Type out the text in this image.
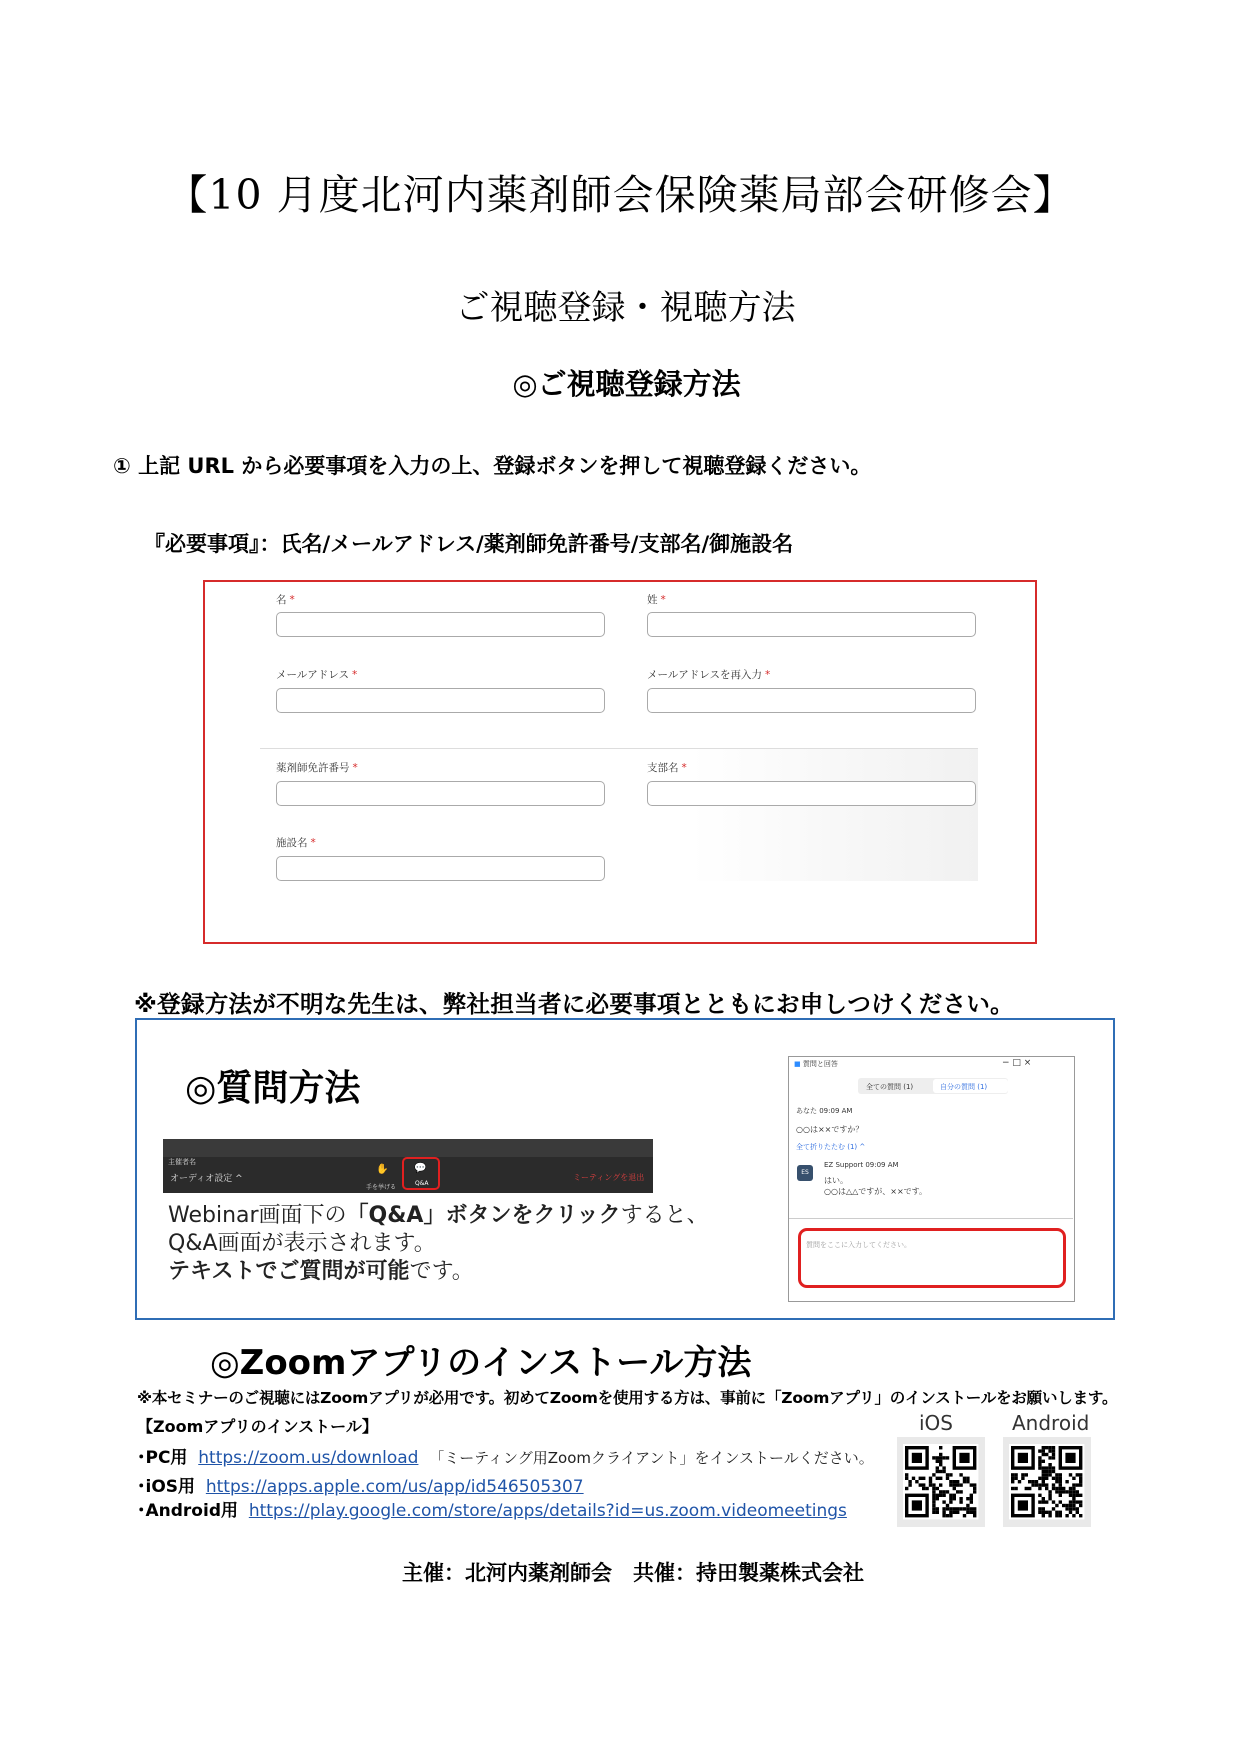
【10 月度北河内薬剤師会保険薬局部会研修会】
ご視聴登録・視聴方法
◎ご視聴登録方法
① 上記 URL から必要事項を入力の上、登録ボタンを押して視聴登録ください。
『必要事項』：氏名/メールアドレス/薬剤師免許番号/支部名/御施設名
名 *	姓 *
メールアドレス *	メールアドレスを再入力 *
薬剤師免許番号 *	支部名 *
施設名 *
※登録方法が不明な先生は、弊社担当者に必要事項とともにお申しつけください。
◎質問方法
主催者名
オーディオ設定 ^
✋
手を挙げる
💬
Q&A
ミーティングを退出
Webinar画面下の「Q&A」ボタンをクリックすると、
Q&A画面が表示されます。
テキストでご質問が可能です。
■ 質問と回答	− □ ×
全ての質問 (1)	自分の質問 (1)
あなた 09:09 AM
○○は××ですか？
全て折りたたむ (1) ^
ES
EZ Support 09:09 AM
はい。
○○は△△ですが、××です。
質問をここに入力してください。
◎Zoomアプリのインストール方法
※本セミナーのご視聴にはZoomアプリが必用です。初めてZoomを使用する方は、事前に「Zoomアプリ」のインストールをお願いします。
【Zoomアプリのインストール】
･PC用 https://zoom.us/download 「ミーティング用Zoomクライアント」をインストールください。
･iOS用 https://apps.apple.com/us/app/id546505307
･Android用 https://play.google.com/store/apps/details?id=us.zoom.videomeetings
iOS	Android
主催：北河内薬剤師会　共催：持田製薬株式会社
